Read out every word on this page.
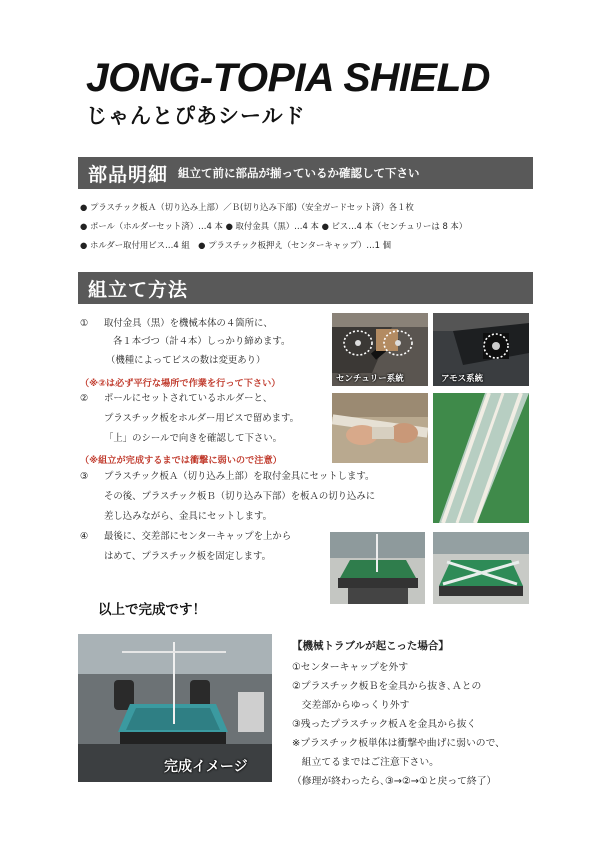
JONG-TOPIA SHIELD
じゃんとぴあシールド
部品明細 組立て前に部品が揃っているか確認して下さい
● プラスチック板Ａ（切り込み上部）／Ｂ(切り込み下部)（安全ガードセット済）各１枚
● ポール（ホルダーセット済）…4 本 ● 取付金具（黒）…4 本 ● ビス…4 本（センチュリーは 8 本）
● ホルダー取付用ビス…4 組　● プラスチック板押え（センターキャップ）…1 個
組立て方法
① 取付金具（黒）を機械本体の４箇所に、
各１本づつ（計４本）しっかり締めます。
（機種によってビスの数は変更あり）
（※②は必ず平行な場所で作業を行って下さい）
② ポールにセットされているホルダーと、
プラスチック板をホルダー用ビスで留めます。
「上」のシールで向きを確認して下さい。
（※組立が完成するまでは衝撃に弱いので注意）
③ プラスチック板Ａ（切り込み上部）を取付金具にセットします。
その後、プラスチック板Ｂ（切り込み下部）を板Ａの切り込みに
差し込みながら、金具にセットします。
④ 最後に、交差部にセンターキャップを上から
はめて、プラスチック板を固定します。
以上で完成です！
センチュリー系統	アモス系統
完成イメージ
【機械トラブルが起こった場合】
①センターキャップを外す
②プラスチック板Ｂを金具から抜き､Ａとの
　交差部からゆっくり外す
③残ったプラスチック板Ａを金具から抜く
※プラスチック板単体は衝撃や曲げに弱いので、
　組立てるまではご注意下さい。
（修理が終わったら､③→②→①と戻って終了）
